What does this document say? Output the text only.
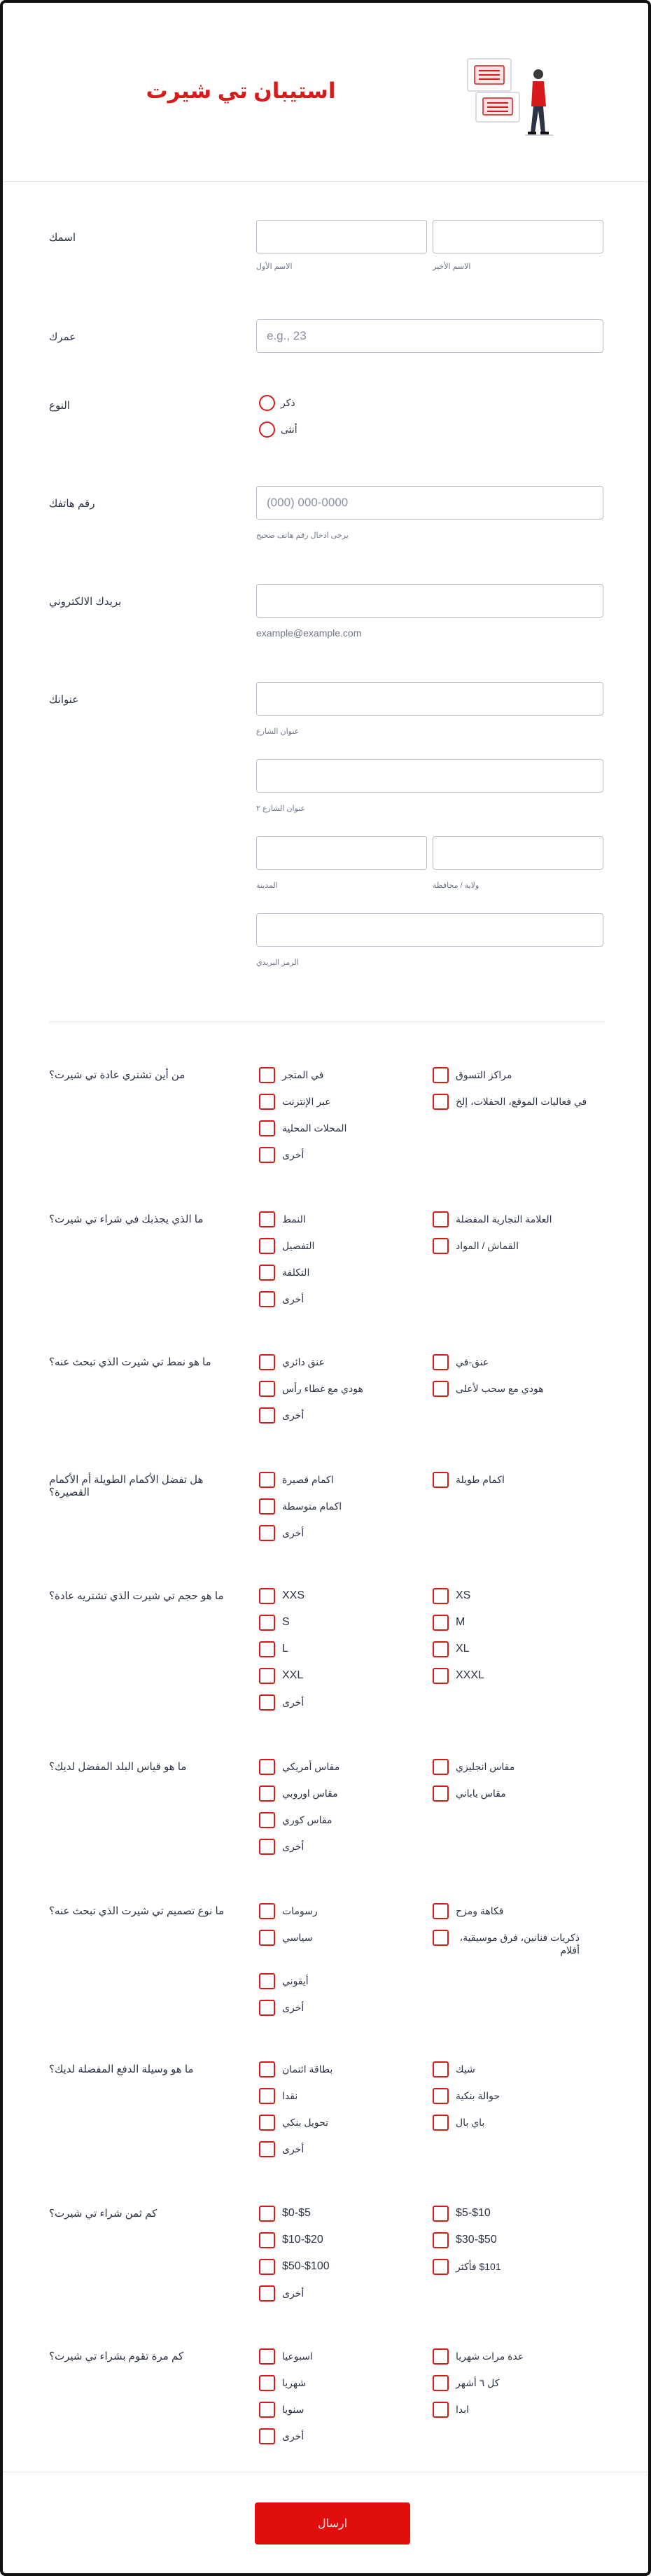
استيبان تي شيرت
اسمك
الاسم الأول	الاسم الأخير
عمرك	e.g., 23
النوع	ذكر
أنثى
رقم هاتفك	(000) 000-0000
يرجى ادخال رقم هاتف صحيح
بريدك الالكتروني
example@example.com
عنوانك
عنوان الشارع
عنوان الشارع ٢
المدينة	ولاية / محافظة
الرمز البريدي
من أين تشتري عادة تي شيرت؟	في المتجر	مراكز التسوق
عبر الإنترنت	في فعاليات الموقع، الحفلات، إلخ
المحلات المحلية
أخرى
ما الذي يجذبك في شراء تي شيرت؟	النمط	العلامة التجارية المفضلة
التفصيل	القماش / المواد
التكلفة
أخرى
ما هو نمط تي شيرت الذي تبحث عنه؟	عنق دائري	عنق-في
هودي مع غطاء رأس	هودي مع سحب لأعلى
أخرى
هل تفضل الأكمام الطويلة أم الأكمام القصيرة؟
اكمام قصيرة	اكمام طويلة
اكمام متوسطة
أخرى
ما هو حجم تي شيرت الذي تشتريه عادة؟	XXS	XS
S	M
L	XL
XXL	XXXL
أخرى
ما هو قياس البلد المفضل لديك؟	مقاس أمريكي	مقاس انجليزي
مقاس اوروبي	مقاس ياباني
مقاس كوري
أخرى
ما نوع تصميم تي شيرت الذي تبحث عنه؟	رسومات	فكاهة ومزح
سياسي	ذكريات فنانين، فرق موسيقية، أفلام
أيقوني
أخرى
ما هو وسيلة الدفع المفضلة لديك؟	بطاقة ائتمان	شيك
نقدا	حوالة بنكية
تحويل بنكي	باي بال
أخرى
كم ثمن شراء تي شيرت؟	$0-$5	$5-$10
$10-$20	$30-$50
$50-$100	$101 فأكثر
أخرى
كم مرة تقوم بشراء تي شيرت؟	اسبوعيا	عدة مرات شهريا
شهريا	كل ٦ أشهر
سنويا	ابدا
أخرى
ارسال
